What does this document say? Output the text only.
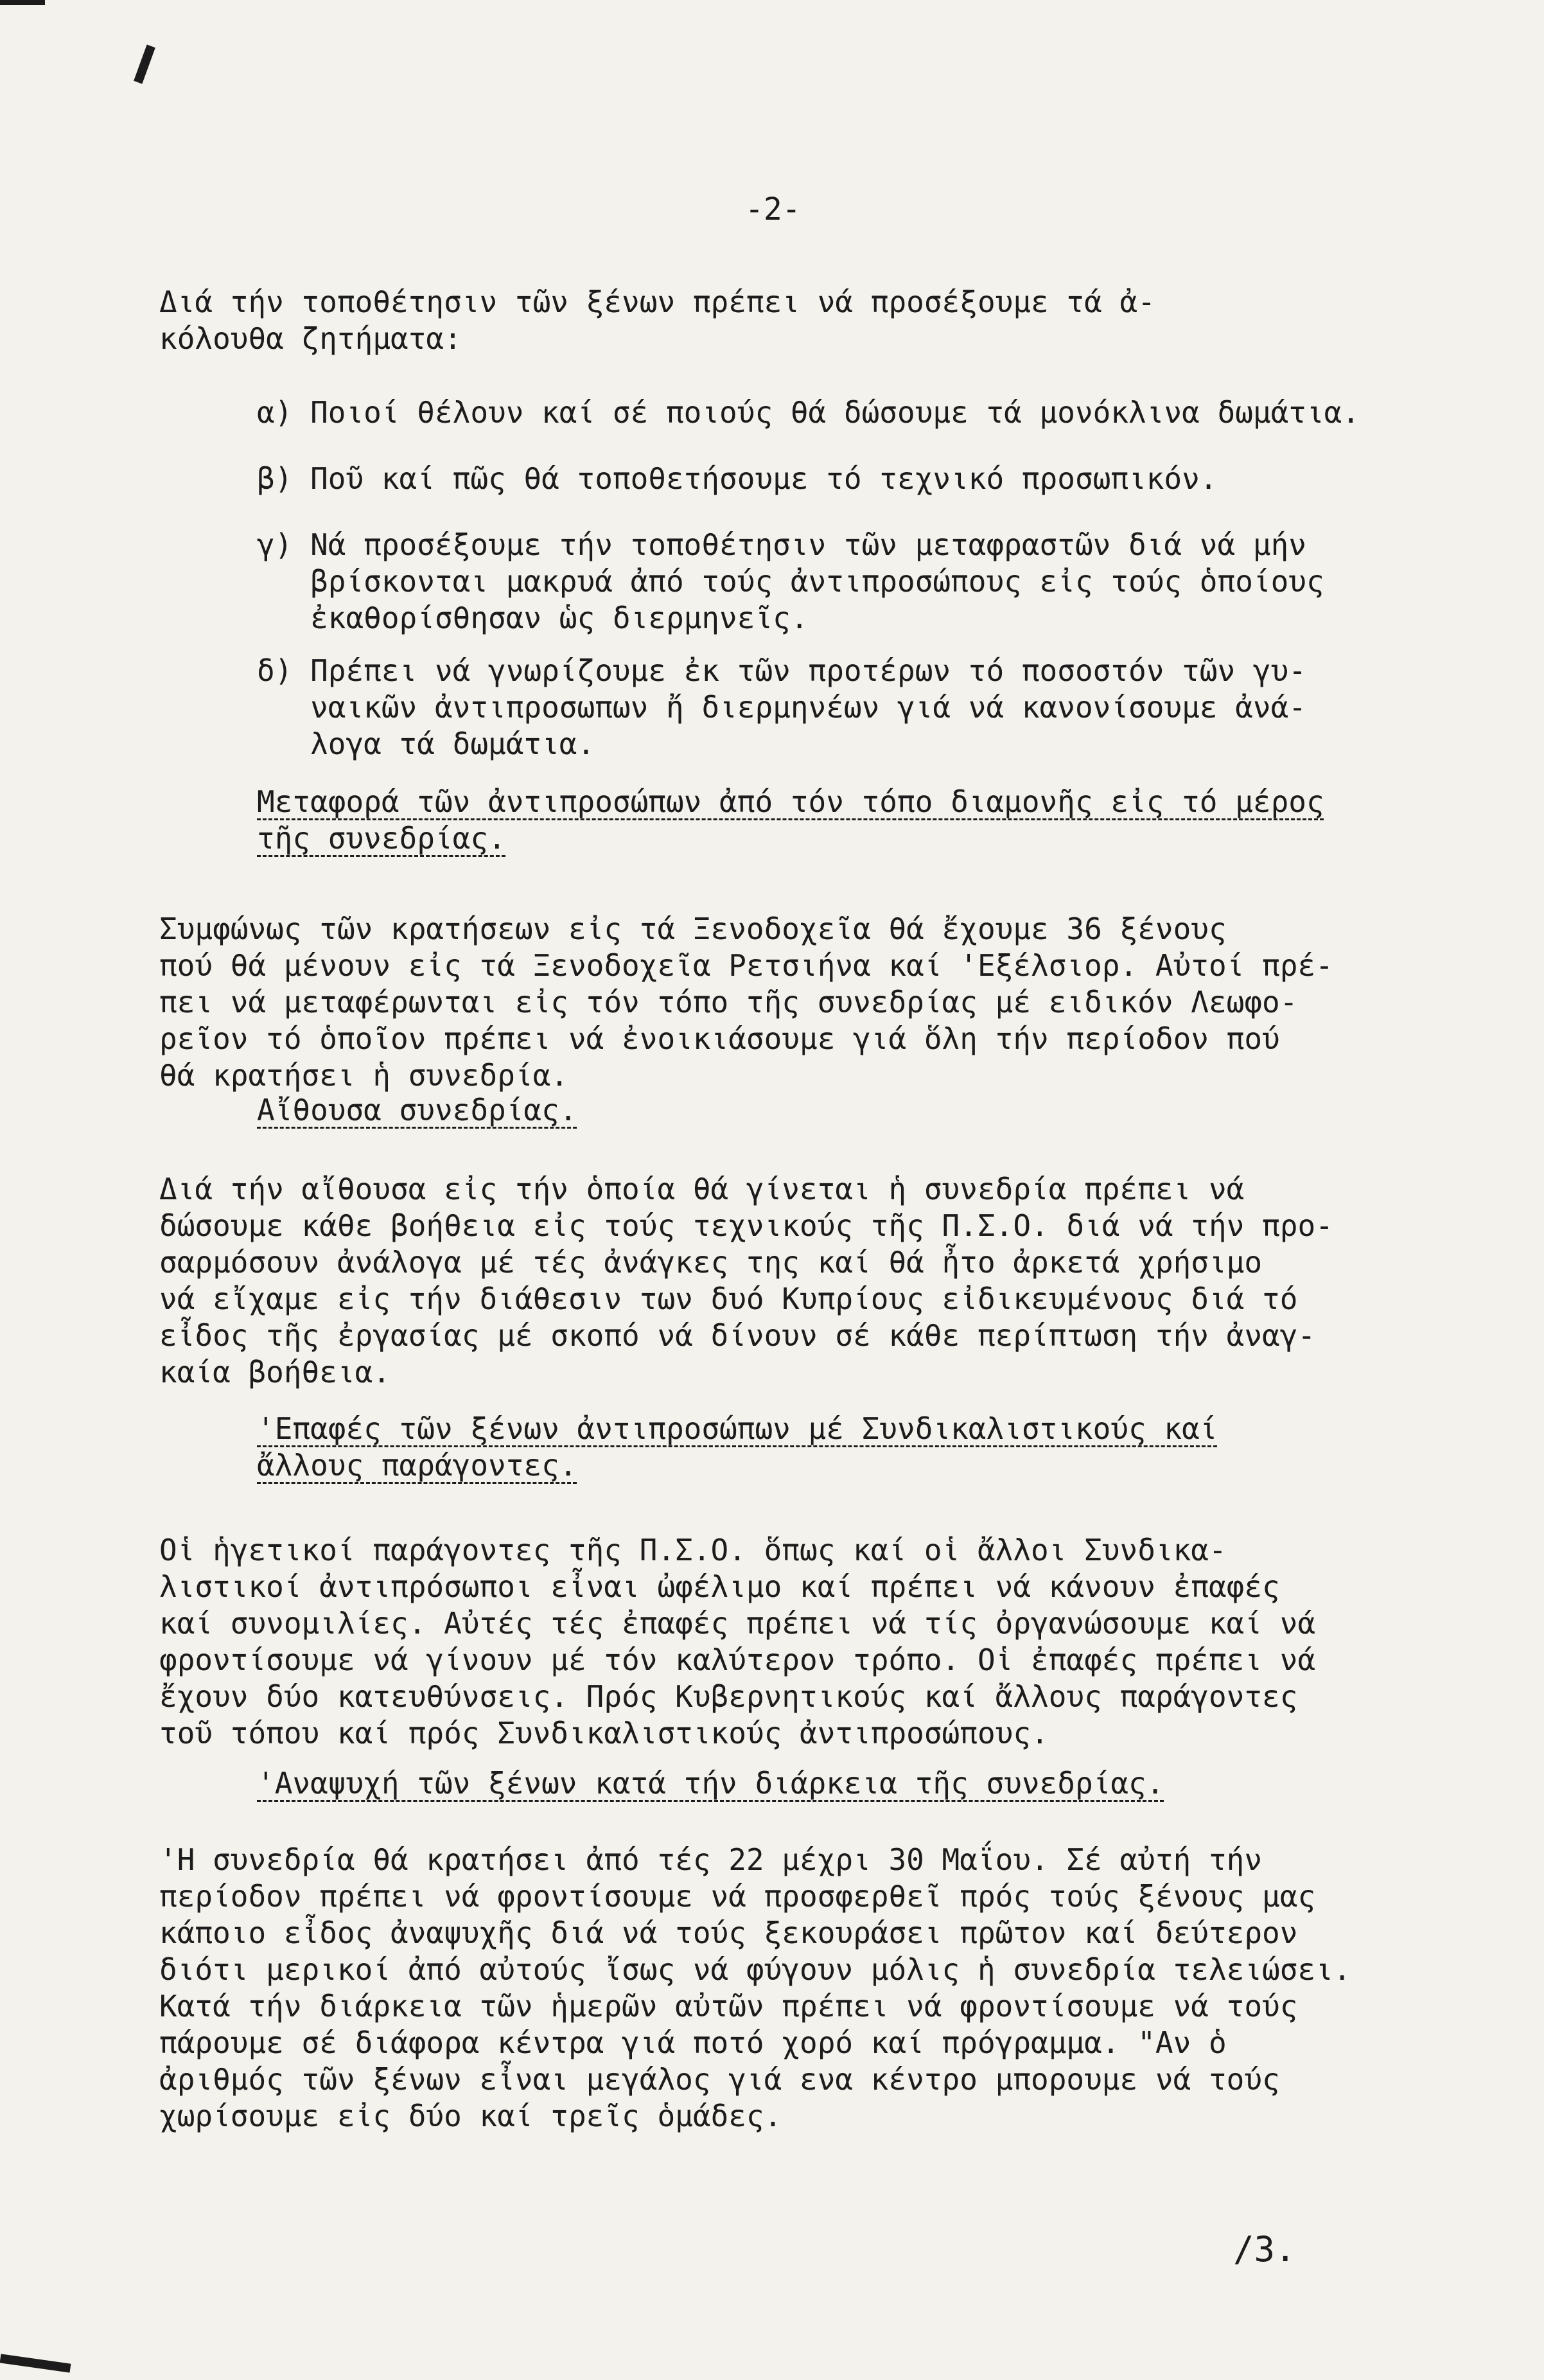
-2-

Διά τήν τοποθέτησιν τῶν ξένων πρέπει νά προσέξουμε τά ἀ-
κόλουθα ζητήματα:

α) Ποιοί θέλουν καί σέ ποιούς θά δώσουμε τά μονόκλινα δωμάτια.

β) Ποῦ καί πῶς θά τοποθετήσουμε τό τεχνικό προσωπικόν.

γ) Νά προσέξουμε τήν τοποθέτησιν τῶν μεταφραστῶν διά νά μήν
βρίσκονται μακρυά ἀπό τούς ἀντιπροσώπους εἰς τούς ὁποίους
ἐκαθορίσθησαν ὡς διερμηνεῖς.

δ) Πρέπει νά γνωρίζουμε ἐκ τῶν προτέρων τό ποσοστόν τῶν γυ-
ναικῶν ἀντιπροσωπων ἤ διερμηνέων γιά νά κανονίσουμε ἀνά-
λογα τά δωμάτια.

Μεταφορά τῶν ἀντιπροσώπων ἀπό τόν τόπο διαμονῆς εἰς τό μέρος
τῆς συνεδρίας.

Συμφώνως τῶν κρατήσεων εἰς τά Ξενοδοχεῖα θά ἔχουμε 36 ξένους
πού θά μένουν εἰς τά Ξενοδοχεῖα Ρετσιήνα καί 'Εξέλσιορ. Αὐτοί πρέ-
πει νά μεταφέρωνται εἰς τόν τόπο τῆς συνεδρίας μέ ειδικόν Λεωφο-
ρεῖον τό ὁποῖον πρέπει νά ἐνοικιάσουμε γιά ὅλη τήν περίοδον πού
θά κρατήσει ἡ συνεδρία.

Αἴθουσα συνεδρίας.

Διά τήν αἴθουσα εἰς τήν ὁποία θά γίνεται ἡ συνεδρία πρέπει νά
δώσουμε κάθε βοήθεια εἰς τούς τεχνικούς τῆς Π.Σ.Ο. διά νά τήν προ-
σαρμόσουν ἀνάλογα μέ τές ἀνάγκες της καί θά ἦτο ἀρκετά χρήσιμο
νά εἴχαμε εἰς τήν διάθεσιν των δυό Κυπρίους εἰδικευμένους διά τό
εἶδος τῆς ἐργασίας μέ σκοπό νά δίνουν σέ κάθε περίπτωση τήν ἀναγ-
καία βοήθεια.

'Επαφές τῶν ξένων ἀντιπροσώπων μέ Συνδικαλιστικούς καί
ἄλλους παράγοντες.

Οἱ ἡγετικοί παράγοντες τῆς Π.Σ.Ο. ὅπως καί οἱ ἄλλοι Συνδικα-
λιστικοί ἀντιπρόσωποι εἶναι ὠφέλιμο καί πρέπει νά κάνουν ἐπαφές
καί συνομιλίες. Αὐτές τές ἐπαφές πρέπει νά τίς ὀργανώσουμε καί νά
φροντίσουμε νά γίνουν μέ τόν καλύτερον τρόπο. Οἱ ἐπαφές πρέπει νά
ἔχουν δύο κατευθύνσεις. Πρός Κυβερνητικούς καί ἄλλους παράγοντες
τοῦ τόπου καί πρός Συνδικαλιστικούς ἀντιπροσώπους.

'Αναψυχή τῶν ξένων κατά τήν διάρκεια τῆς συνεδρίας.

'Η συνεδρία θά κρατήσει ἀπό τές 22 μέχρι 30 Μαΐου. Σέ αὐτή τήν
περίοδον πρέπει νά φροντίσουμε νά προσφερθεῖ πρός τούς ξένους μας
κάποιο εἶδος ἀναψυχῆς διά νά τούς ξεκουράσει πρῶτον καί δεύτερον
διότι μερικοί ἀπό αὐτούς ἴσως νά φύγουν μόλις ἡ συνεδρία τελειώσει.
Κατά τήν διάρκεια τῶν ἡμερῶν αὐτῶν πρέπει νά φροντίσουμε νά τούς
πάρουμε σέ διάφορα κέντρα γιά ποτό χορό καί πρόγραμμα. "Αν ὁ
ἀριθμός τῶν ξένων εἶναι μεγάλος γιά ενα κέντρο μπορουμε νά τούς
χωρίσουμε εἰς δύο καί τρεῖς ὁμάδες.

/3.
